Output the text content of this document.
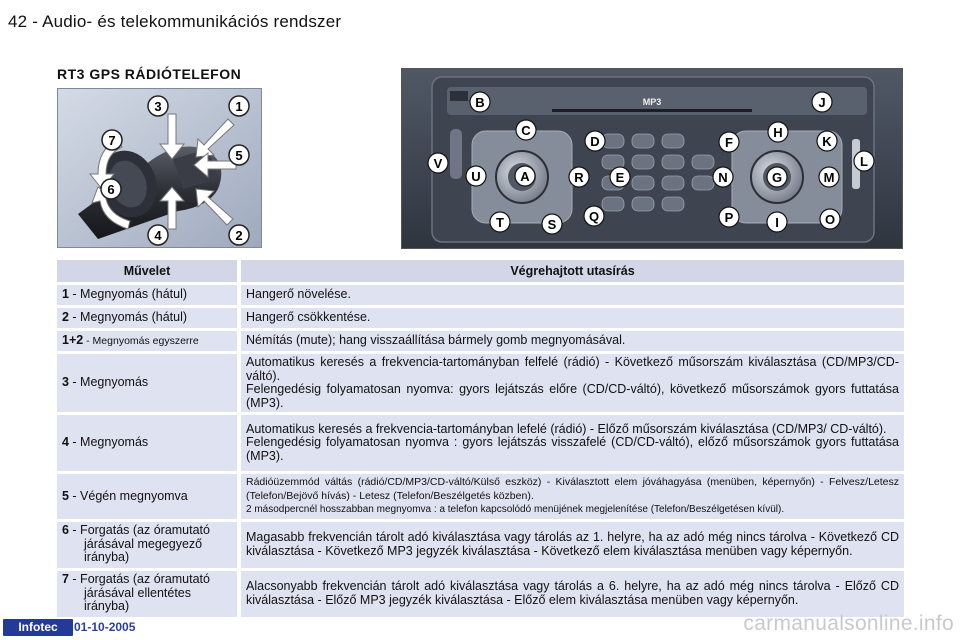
42 - Audio- és telekommunikációs rendszer
RT3 GPS RÁDIÓTELEFON
3	1
7
5
6
4	2
MP3
B	J
C
D	F
H
K
V	L
U	A	R E	N	G	M
T	S
Q	P	I	O
Művelet	Végrehajtott utasírás

1 - Megnyomás (hátul)	Hangerő növelése.

2 - Megnyomás (hátul)	Hangerő csökkentése.

1+2 - Megnyomás egyszerre	Némítás (mute); hang visszaállítása bármely gomb megnyomásával.

3 - Megnyomás	Automatikus keresés a frekvencia-tartományban felfelé (rádió) - Következő műsorszám kiválasztása (CD/MP3/CD-váltó).
Felengedésig folyamatosan nyomva: gyors lejátszás előre (CD/CD-váltó), következő műsorszámok gyors futtatása (MP3).

4 - Megnyomás	Automatikus keresés a frekvencia-tartományban lefelé (rádió) - Előző műsorszám kiválasztása (CD/MP3/ CD-váltó).
Felengedésig folyamatosan nyomva : gyors lejátszás visszafelé (CD/CD-váltó), előző műsorszámok gyors futtatása (MP3).

5 - Végén megnyomva	Rádióüzemmód váltás (rádió/CD/MP3/CD-váltó/Külső eszköz) - Kiválasztott elem jóváhagyása (menüben, képernyőn) - Felvesz/Letesz (Telefon/Bejövő hívás) - Letesz (Telefon/Beszélgetés közben).
2 másodpercnél hosszabban megnyomva : a telefon kapcsolódó menüjének megjelenítése (Telefon/Beszélgetésen kívül).

6 - Forgatás (az óramutató járásával megegyező irányba)	Magasabb frekvencián tárolt adó kiválasztása vagy tárolás az 1. helyre, ha az adó még nincs tárolva - Következő CD kiválasztása - Következő MP3 jegyzék kiválasztása - Következő elem kiválasztása menüben vagy képernyőn.

7 - Forgatás (az óramutató járásával ellentétes irányba)	Alacsonyabb frekvencián tárolt adó kiválasztása vagy tárolás a 6. helyre, ha az adó még nincs tárolva - Előző CD kiválasztása - Előző MP3 jegyzék kiválasztása - Előző elem kiválasztása menüben vagy képernyőn.
Infotec	01-10-2005	carmanualsonline.info
